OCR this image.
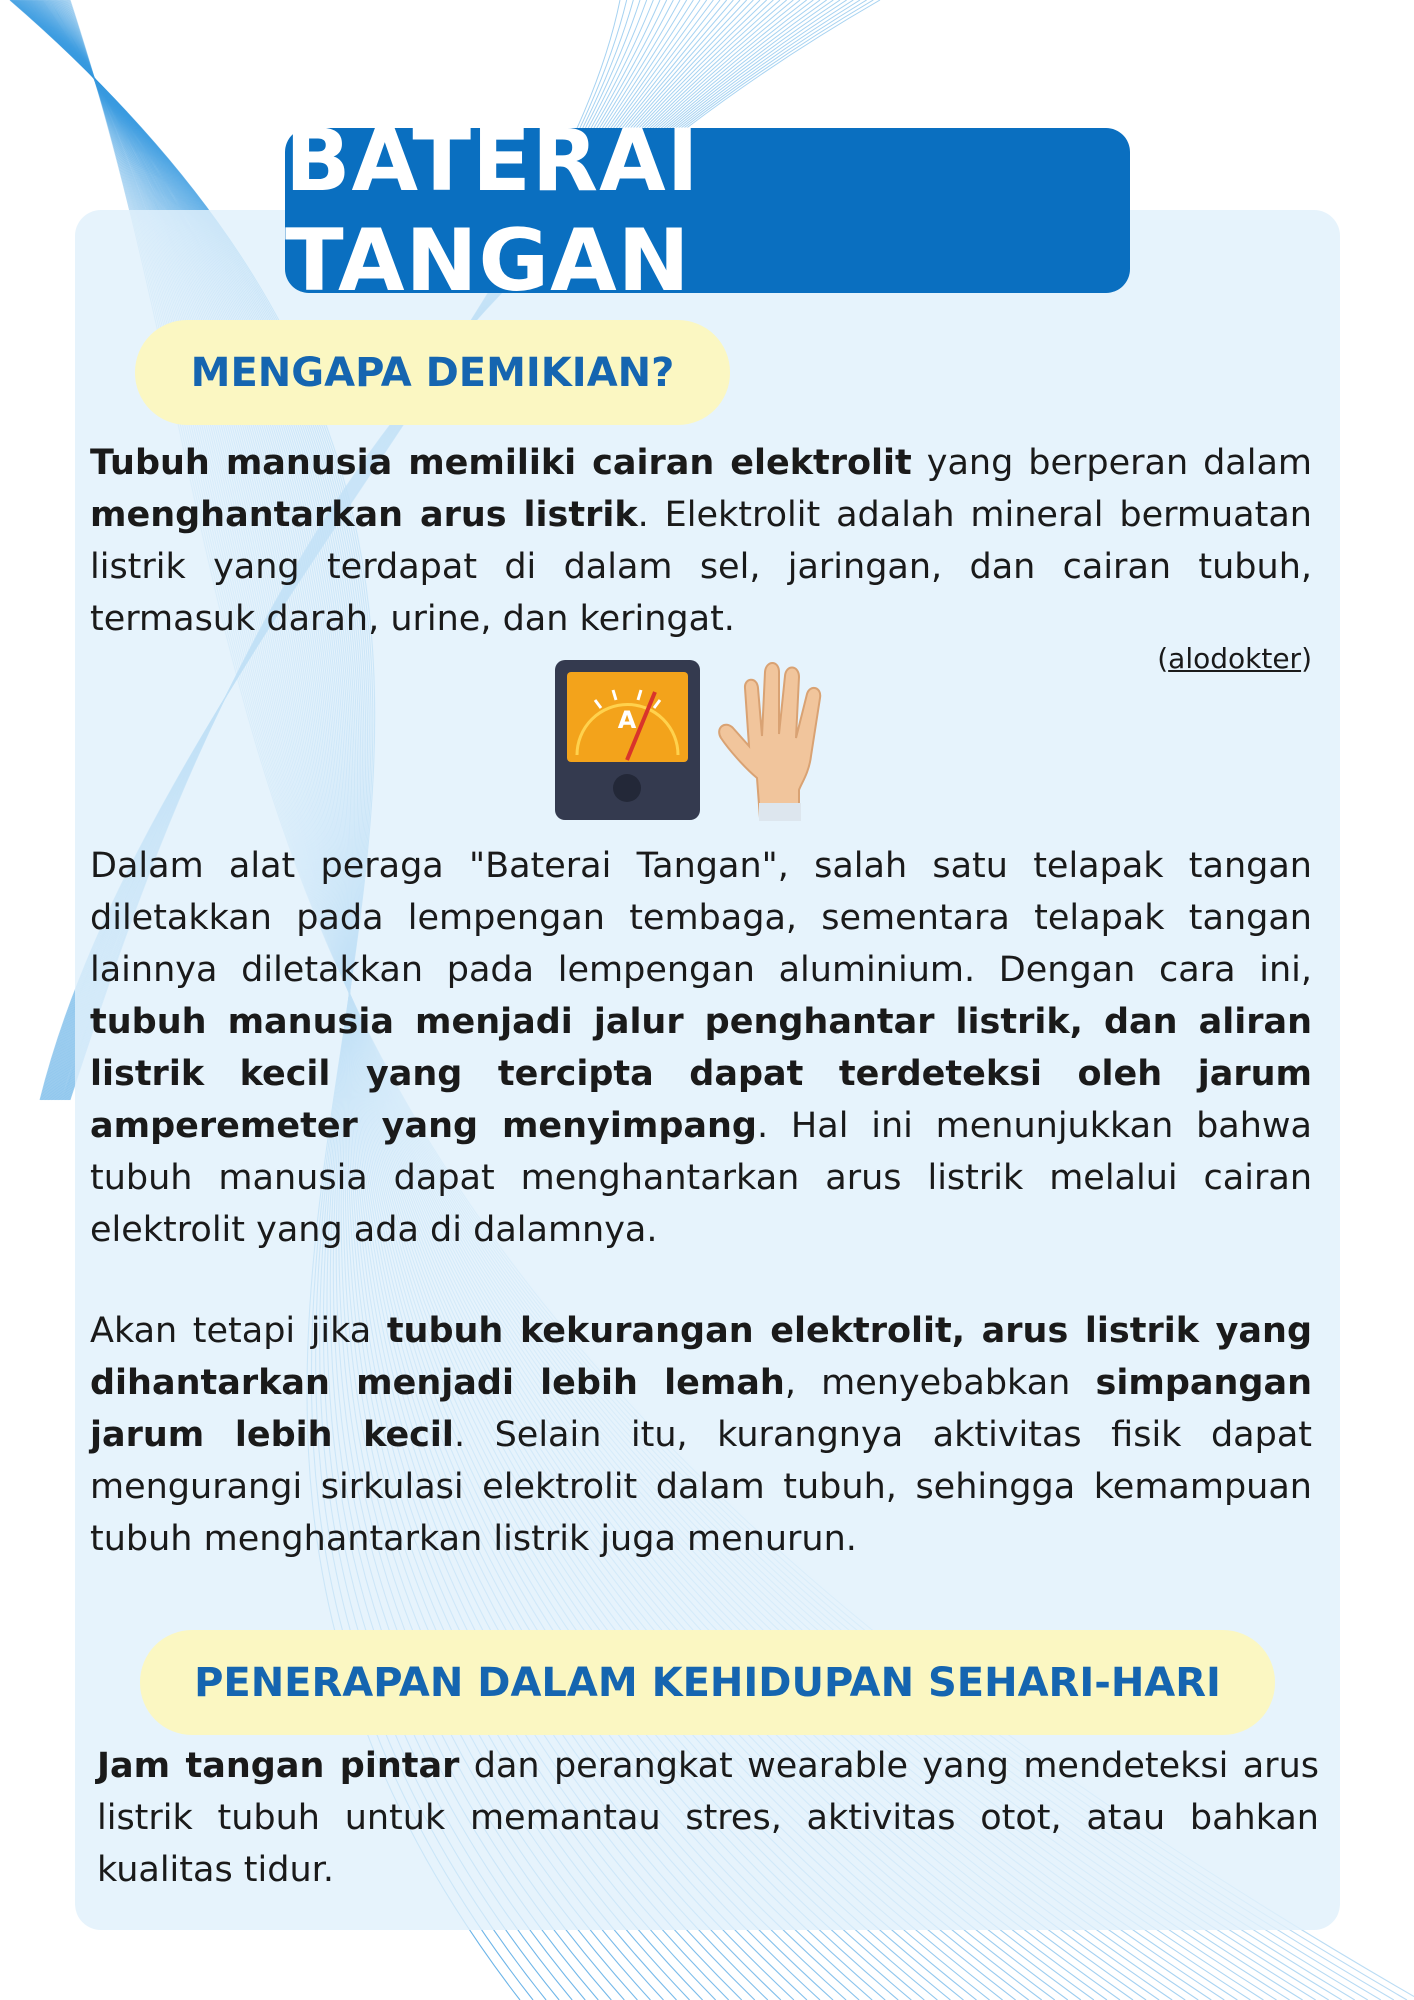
BATERAI TANGAN
MENGAPA DEMIKIAN?
Tubuh manusia memiliki cairan elektrolit yang berperan dalam menghantarkan arus listrik. Elektrolit adalah mineral bermuatan listrik yang terdapat di dalam sel, jaringan, dan cairan tubuh, termasuk darah, urine, dan keringat.
(alodokter)
A
Dalam alat peraga "Baterai Tangan", salah satu telapak tangan diletakkan pada lempengan tembaga, sementara telapak tangan lainnya diletakkan pada lempengan aluminium. Dengan cara ini, tubuh manusia menjadi jalur penghantar listrik, dan aliran listrik kecil yang tercipta dapat terdeteksi oleh jarum amperemeter yang menyimpang. Hal ini menunjukkan bahwa tubuh manusia dapat menghantarkan arus listrik melalui cairan elektrolit yang ada di dalamnya.
Akan tetapi jika tubuh kekurangan elektrolit, arus listrik yang dihantarkan menjadi lebih lemah, menyebabkan simpangan jarum lebih kecil. Selain itu, kurangnya aktivitas fisik dapat mengurangi sirkulasi elektrolit dalam tubuh, sehingga kemampuan tubuh menghantarkan listrik juga menurun.
PENERAPAN DALAM KEHIDUPAN SEHARI-HARI
Jam tangan pintar dan perangkat wearable yang mendeteksi arus listrik tubuh untuk memantau stres, aktivitas otot, atau bahkan kualitas tidur.
